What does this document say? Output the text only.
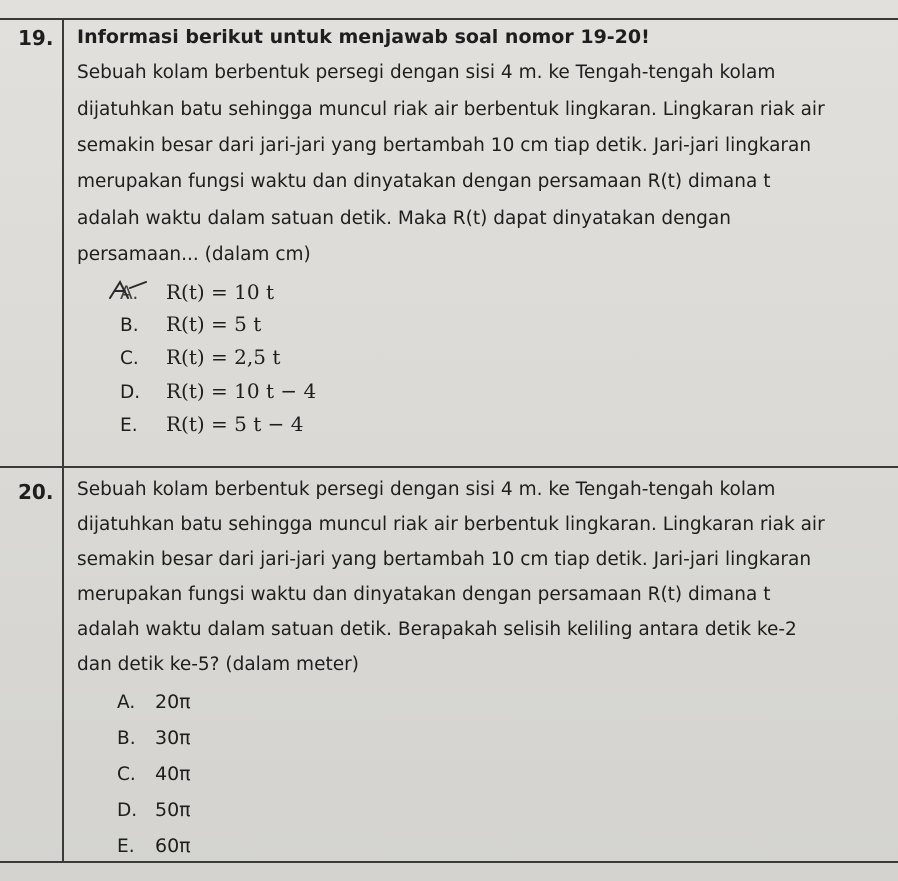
19. Informasi berikut untuk menjawab soal nomor 19-20!
Sebuah kolam berbentuk persegi dengan sisi 4 m. ke Tengah-tengah kolam
dijatuhkan batu sehingga muncul riak air berbentuk lingkaran. Lingkaran riak air
semakin besar dari jari-jari yang bertambah 10 cm tiap detik. Jari-jari lingkaran
merupakan fungsi waktu dan dinyatakan dengan persamaan R(t) dimana t
adalah waktu dalam satuan detik. Maka R(t) dapat dinyatakan dengan
persamaan... (dalam cm)
A. R(t) = 10 t
B. R(t) = 5 t
C. R(t) = 2,5 t
D. R(t) = 10 t − 4
E. R(t) = 5 t − 4
20. Sebuah kolam berbentuk persegi dengan sisi 4 m. ke Tengah-tengah kolam
dijatuhkan batu sehingga muncul riak air berbentuk lingkaran. Lingkaran riak air
semakin besar dari jari-jari yang bertambah 10 cm tiap detik. Jari-jari lingkaran
merupakan fungsi waktu dan dinyatakan dengan persamaan R(t) dimana t
adalah waktu dalam satuan detik. Berapakah selisih keliling antara detik ke-2
dan detik ke-5? (dalam meter)
A. 20π
B. 30π
C. 40π
D. 50π
E. 60π
